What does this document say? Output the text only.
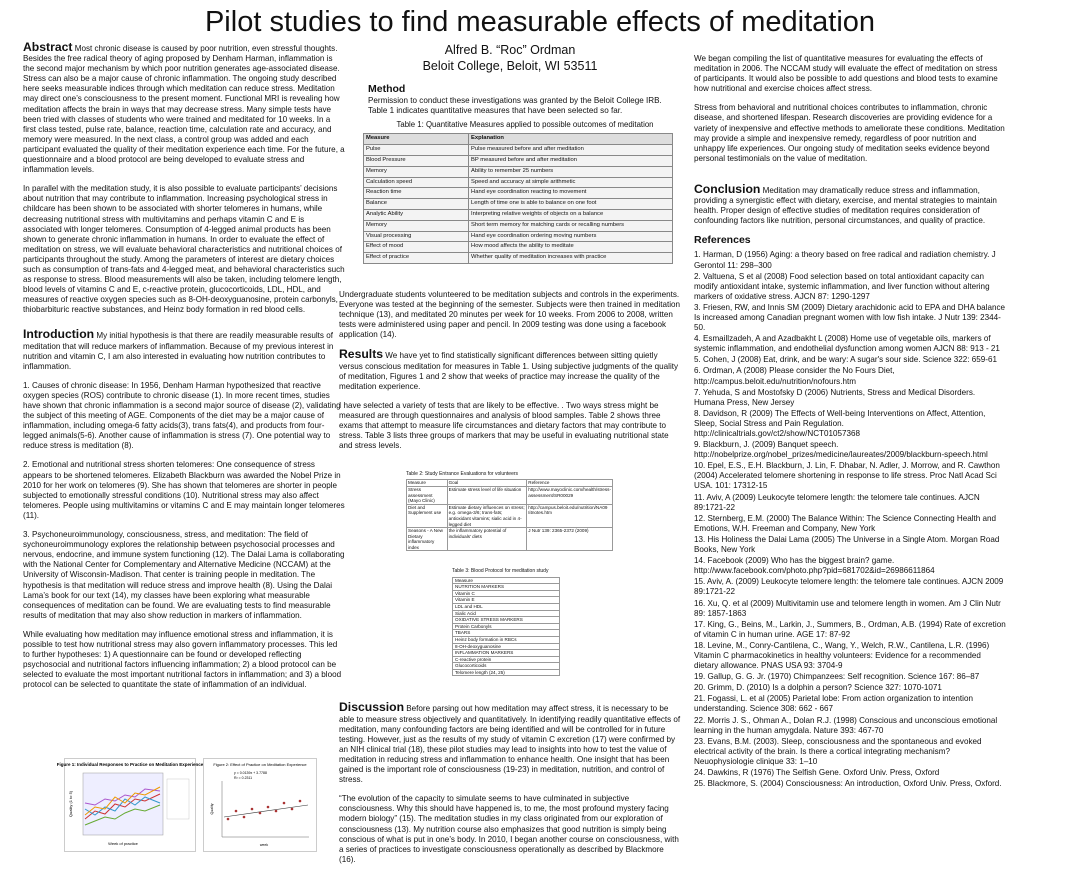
Pilot studies to find measurable effects of meditation

Abstract Most chronic disease is caused by poor nutrition, even stressful thoughts. Besides the free radical theory of aging proposed by Denham Harman, inflammation is the second major mechanism by which poor nutrition generates age-associated disease. Stress can also be a major cause of chronic inflammation. The ongoing study described here seeks measurable indices through which meditation can reduce stress. Meditation may direct one’s consciousness to the present moment. Functional MRI is revealing how meditation affects the brain in ways that may decrease stress. Many simple tests have been tried with classes of students who were trained and meditated for 10 weeks. In a first class tested, pulse rate, balance, reaction time, calculation rate and accuracy, and memory were measured. In the next class, a control group was added and each participant evaluated the quality of their meditation experience each time. For the future, a questionnaire and a blood protocol are being developed to evaluate stress and inflammation levels.

In parallel with the meditation study, it is also possible to evaluate participants’ decisions about nutrition that may contribute to inflammation. Increasing psychological stress in childcare has been shown to be associated with shorter telomeres in humans, while decreasing nutritional stress with multivitamins and perhaps vitamin C and E is associated with longer telomeres. Consumption of 4-legged animal products has been shown to generate chronic inflammation in humans. In order to evaluate the effect of meditation on stress, we will evaluate behavioral characteristics and nutritional choices of participants throughout the study. Among the parameters of interest are dietary choices such as consumption of trans-fats and 4-legged meat, and behavioral characteristics such as response to stress. Blood measurements will also be taken, including telomere length, blood levels of vitamins C and E, c-reactive protein, glucocorticoids, LDL, HDL, and measures of reactive oxygen species such as 8-OH-deoxyguanosine, protein carbonyls, thiobarbituric reactive substances, and Heinz body formation in red blood cells.

Introduction My initial hypothesis is that there are readily measurable results of meditation that will reduce markers of inflammation. Because of my previous interest in nutrition and vitamin C, I am also interested in evaluating how nutrition contributes to inflammation.

1. Causes of chronic disease: In 1956, Denham Harman hypothesized that reactive oxygen species (ROS) contribute to chronic disease (1). In more recent times, studies have shown that chronic inflammation is a second major source of disease (2), validating the subject of this meeting of AGE. Components of the diet may be a major cause of inflammation, including omega-6 fatty acids(3), trans fats(4), and products from four-legged animals(5-6). Another cause of inflammation is stress (7). One potential way to reduce stress is meditation (8).

2. Emotional and nutritional stress shorten telomeres: One consequence of stress appears to be shortened telomeres. Elizabeth Blackburn was awarded the Nobel Prize in 2010 for her work on telomeres (9). She has shown that telomeres are shorter in people subjected to emotionally stressful conditions (10). Nutritional stress may also affect telomeres. People using multivitamins or vitamins C and E may maintain longer telomeres (11).

3. Psychoneuroimmunology, consciousness, stress, and meditation: The field of sychoneuroimmunology explores the relationship between psychosocial processes and nervous, endocrine, and immune system functioning (12). The Dalai Lama is collaborating with the National Center for Complementary and Alternative Medicine (NCCAM) at the University of Wisconsin-Madison. That center is training people in meditation. The hypothesis is that meditation will reduce stress and improve health (8). Using the Dalai Lama’s book for our text (14), my classes have been exploring what measurable consequences of meditation can be found. We are evaluating tests to find measurable results of meditation that may also show reduction in markers of inflammation.

While evaluating how meditation may influence emotional stress and inflammation, it is possible to test how nutritional stress may also govern inflammatory processes. This led to further hypotheses: 1) A questionnaire can be found or developed reflecting psychosocial and nutritional factors influencing inflammation; 2) a blood protocol can be selected to evaluate the most important nutritional factors in inflammation; and 3) a blood protocol can be selected to quantitate the state of inflammation of an individual.

Figure 1: Individual Responses to Practice on Meditation Experience
Week of practice
Quality (1 to 5)
Figure 2: Effect of Practice on Meditation Experience
y = 0.0139x + 3.7788
R² = 0.2311
week
Quality
Alfred B. “Roc” Ordman
Beloit College, Beloit, WI 53511
Method
Permission to conduct these investigations was granted by the Beloit College IRB. Table 1 indicates quantitative measures that have been selected so far.
Table 1: Quantitative Measures applied to possible outcomes of meditation
Measure	Explanation
Pulse	Pulse measured before and after meditation
Blood Pressure	BP measured before and after meditation
Memory	Ability to remember 25 numbers
Calculation speed	Speed and accuracy at simple arithmetic
Reaction time	Hand eye coordination reacting to movement
Balance	Length of time one is able to balance on one foot
Analytic Ability	Interpreting relative weights of objects on a balance
Memory	Short term memory for matching cards or recalling numbers
Visual processing	Hand eye coordination ordering moving numbers
Effect of mood	How mood affects the ability to meditate
Effect of practice	Whether quality of meditation increases with practice

Undergraduate students volunteered to be meditation subjects and controls in the experiments. Everyone was tested at the beginning of the semester. Subjects were then trained in meditation technique (13), and meditated 20 minutes per week for 10 weeks. From 2006 to 2008, written tests were administered using paper and pencil. In 2009 testing was done using a facebook application (14).

Results We have yet to find statistically significant differences between sitting quietly versus conscious meditation for measures in Table 1. Using subjective judgments of the quality of meditation, Figures 1 and 2 show that weeks of practice may increase the quality of the meditation experience.

I have selected a variety of tests that are likely to be effective. . Two ways stress might be measured are through questionnaires and analysis of blood samples. Table 2 shows three exams that attempt to measure life circumstances and dietary factors that may contribute to stress. Table 3 lists three groups of markers that may be useful in evaluating nutritional state and stress levels.

Table 2: Study Entrance Evaluations for volunteers
Measure	Goal	Reference
Stress assessment (Mayo Clinic)	Estimate stress level of life situation	http://www.mayoclinic.com/health/stress-assessment/SR00029
Diet and Supplement use	Estimate dietary influences on stress; e.g. omega-3/6; trans-fats; antioxidant vitamins; sialic acid in 4-legged diet	http://campus.beloit.edu/nutrition/NA09 Iitnotes.htm
Seasons - A New Dietary inflammatory index	the inflammatory potential of individuals' diets	J Nutr 139: 2365-2372 (2009)
Table 3: Blood Protocol for meditation study
Measure
NUTRITION MARKERS
Vitamin C
Vitamin E
LDL and HDL
Sialic Acid
OXIDATIVE STRESS MARKERS
Protein Carbonyls
TBARS
Heinz body formation in RBCs
8-OH-deoxyguanosine
INFLAMMATION MARKERS
C-reactive protein
Glucocorticoids
Telomere length (24, 25)

Discussion Before parsing out how meditation may affect stress, it is necessary to be able to measure stress objectively and quantitatively. In identifying readily quantitative effects of meditation, many confounding factors are being identified and will be controlled for in future testing. However, just as the results of my study of vitamin C excretion (17) were confirmed by an NIH clinical trial (18), these pilot studies may lead to insights into how to test the value of meditation in reducing stress and inflammation to enhance health. One insight that has been gained is the important role of consciousness (19-23) in meditation, nutrition, and control of stress.

“The evolution of the capacity to simulate seems to have culminated in subjective consciousness. Why this should have happened is, to me, the most profound mystery facing modern biology” (15). The meditation studies in my class originated from our exploration of consciousness (13). My nutrition course also emphasizes that good nutrition is simply being conscious of what is put in one’s body. In 2010, I began another course on consciousness, with a series of practices to investigate consciousness operationally as described by Blackmore (16).

We began compiling the list of quantitative measures for evaluating the effects of meditation in 2006. The NCCAM study will evaluate the effect of meditation on stress of participants. It would also be possible to add questions and blood tests to examine how nutritional and exercise choices affect stress.

Stress from behavioral and nutritional choices contributes to inflammation, chronic disease, and shortened lifespan. Research discoveries are providing evidence for a variety of inexpensive and effective methods to ameliorate these conditions. Meditation may provide a simple and inexpensive remedy, regardless of poor nutrition and unhappy life experiences. Our ongoing study of meditation seeks evidence beyond personal testimonials on the value of meditation.

Conclusion Meditation may dramatically reduce stress and inflammation, providing a synergistic effect with dietary, exercise, and mental strategies to maintain health. Proper design of effective studies of meditation requires consideration of confounding factors like nutrition, personal circumstances, and quality of practice.

References
1. Harman, D (1956) Aging: a theory based on free radical and radiation chemistry. J Gerontol 11: 298–300
2. Valtuena, S et al (2008) Food selection based on total antioxidant capacity can modify antioxidant intake, systemic inflammation, and liver function without altering markers of oxidative stress. AJCN 87: 1290-1297
3. Friesen, RW, and Innis SM (2009) Dietary arachidonic acid to EPA and DHA balance Is increased among Canadian pregnant women with low fish intake. J Nutr 139: 2344-50.
4. Esmaillzadeh, A and Azadbakht L (2008) Home use of vegetable oils, markers of systemic inflammation, and endothelial dysfunction among women AJCN 88: 913 - 21
5. Cohen, J (2008) Eat, drink, and be wary: A sugar's sour side. Science 322: 659-61
6. Ordman, A (2008) Please consider the No Fours Diet, http://campus.beloit.edu/nutrition/nofours.htm
7. Yehuda, S and Mostofsky D (2006) Nutrients, Stress and Medical Disorders. Humana Press, New Jersey
8. Davidson, R (2009) The Effects of Well-being Interventions on Affect, Attention, Sleep, Social Stress and Pain Regulation. http://clinicaltrials.gov/ct2/show/NCT01057368
9. Blackburn, J. (2009) Banquet speech. http://nobelprize.org/nobel_prizes/medicine/laureates/2009/blackburn-speech.html
10. Epel, E.S., E.H. Blackburn, J. Lin, F. Dhabar, N. Adler, J. Morrow, and R. Cawthon (2004) Accelerated telomere shortening in response to life stress. Proc Natl Acad Sci USA. 101: 17312-15
11. Aviv, A (2009) Leukocyte telomere length: the telomere tale continues. AJCN 89:1721-22
12. Sternberg, E.M. (2000) The Balance Within: The Science Connecting Health and Emotions, W.H. Freeman and Company, New York
13. His Holiness the Dalai Lama (2005) The Universe in a Single Atom. Morgan Road Books, New York
14. Facebook (2009) Who has the biggest brain? game. http://www.facebook.com/photo.php?pid=681702&id=26986611864
15. Aviv, A. (2009) Leukocyte telomere length: the telomere tale continues. AJCN 2009 89:1721-22
16. Xu, Q. et al (2009) Multivitamin use and telomere length in women. Am J Clin Nutr 89: 1857-1863
17. King, G., Beins, M., Larkin, J., Summers, B., Ordman, A.B. (1994) Rate of excretion of vitamin C in human urine. AGE 17: 87-92
18. Levine, M., Conry-Cantilena, C., Wang, Y., Welch, R.W., Cantilena, L.R. (1996) Vitamin C pharmacokinetics in healthy volunteers: Evidence for a recommended dietary allowance. PNAS USA 93: 3704-9
19. Gallup, G. G. Jr. (1970) Chimpanzees: Self recognition. Science 167: 86–87
20. Grimm, D. (2010) Is a dolphin a person? Science 327: 1070-1071
21. Fogassi, L. et al (2005) Parietal lobe: From action organization to intention understanding. Science 308: 662 - 667
22. Morris J. S., Ohman A., Dolan R.J. (1998) Conscious and unconscious emotional learning in the human amygdala. Nature 393: 467-70
23. Evans, B.M. (2003). Sleep, consciousness and the spontaneous and evoked electrical activity of the brain. Is there a cortical integrating mechanism? Neuophysiologie clinique 33: 1–10
24. Dawkins, R (1976) The Selfish Gene. Oxford Univ. Press, Oxford
25. Blackmore, S. (2004) Consciousness: An introduction, Oxford Univ. Press, Oxford.
